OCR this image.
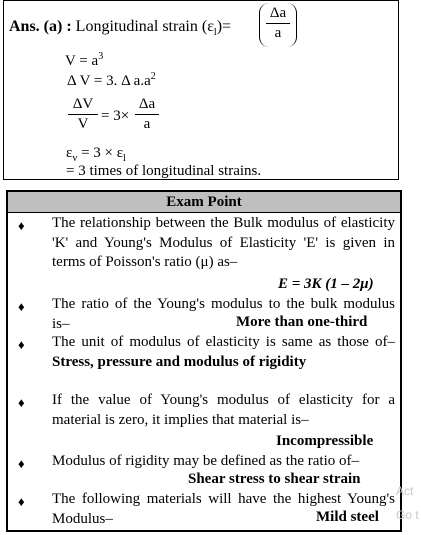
Ans. (a) : Longitudinal strain $(\varepsilon_l)=$
Δa
a
$V = a^3$
Δ V = 3. Δ $a.a^2$
ΔV
V = 3×
Δa
a
$\varepsilon_v = 3 \times \varepsilon_l$
= 3 times of longitudinal strains.
Exam Point
♦ The relationship between the Bulk modulus of elasticity 'K' and Young's Modulus of Elasticity 'E' is given in terms of Poisson's ratio (μ) as–
E = 3K (1 – 2μ)
♦ The ratio of the Young's modulus to the bulk modulus is–	More than one-third
♦ The unit of modulus of elasticity is same as those of–Stress, pressure and modulus of rigidity
♦ If the value of Young's modulus of elasticity for a material is zero, it implies that material is–
Incompressible
♦ Modulus of rigidity may be defined as the ratio of–
Shear stress to shear strain
♦ The following materials will have the highest Young's Modulus–	Mild steel
Act
Go t
